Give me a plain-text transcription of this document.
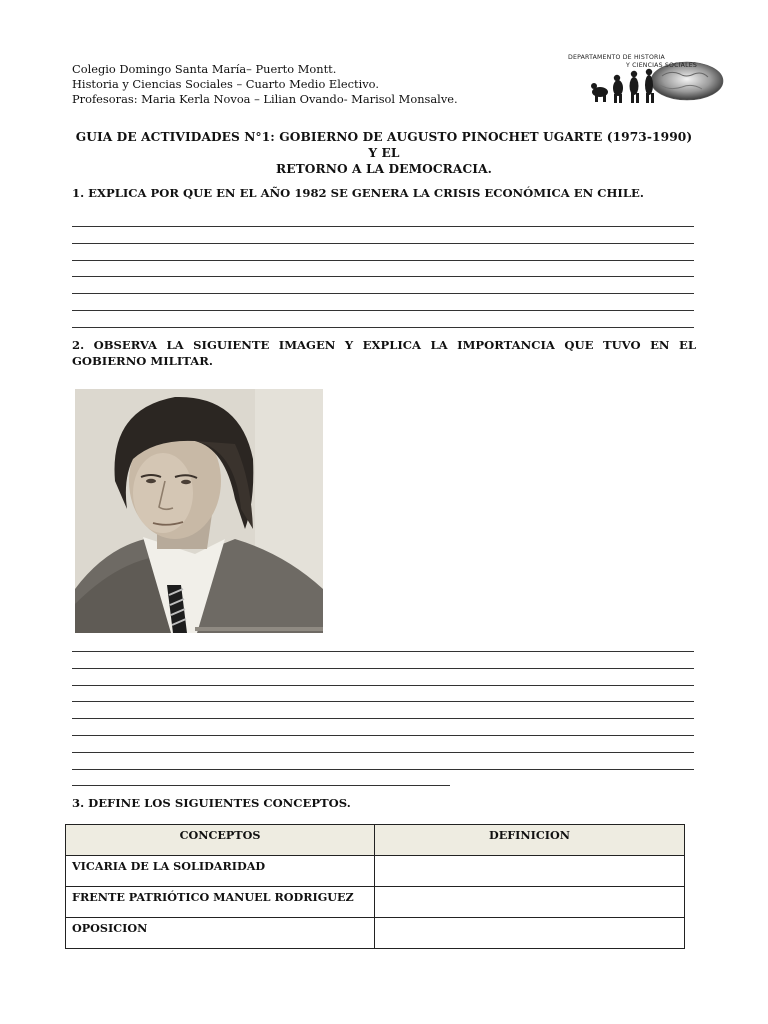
Colegio Domingo Santa María– Puerto Montt.
Historia y Ciencias Sociales – Cuarto Medio Electivo.
Profesoras: Maria Kerla Novoa – Lilian Ovando- Marisol Monsalve.
DEPARTAMENTO DE HISTORIA
Y CIENCIAS SOCIALES
GUIA DE ACTIVIDADES N°1: GOBIERNO DE AUGUSTO PINOCHET UGARTE (1973-1990) Y EL
RETORNO A LA DEMOCRACIA.
1. EXPLICA POR QUE EN EL AÑO 1982 SE GENERA LA CRISIS ECONÓMICA EN CHILE.
2. OBSERVA LA SIGUIENTE IMAGEN Y EXPLICA LA IMPORTANCIA QUE TUVO EN EL GOBIERNO MILITAR.
3. DEFINE LOS SIGUIENTES CONCEPTOS.
CONCEPTOS	DEFINICION
VICARIA DE LA SOLIDARIDAD	
FRENTE PATRIÓTICO MANUEL RODRIGUEZ	
OPOSICION	
